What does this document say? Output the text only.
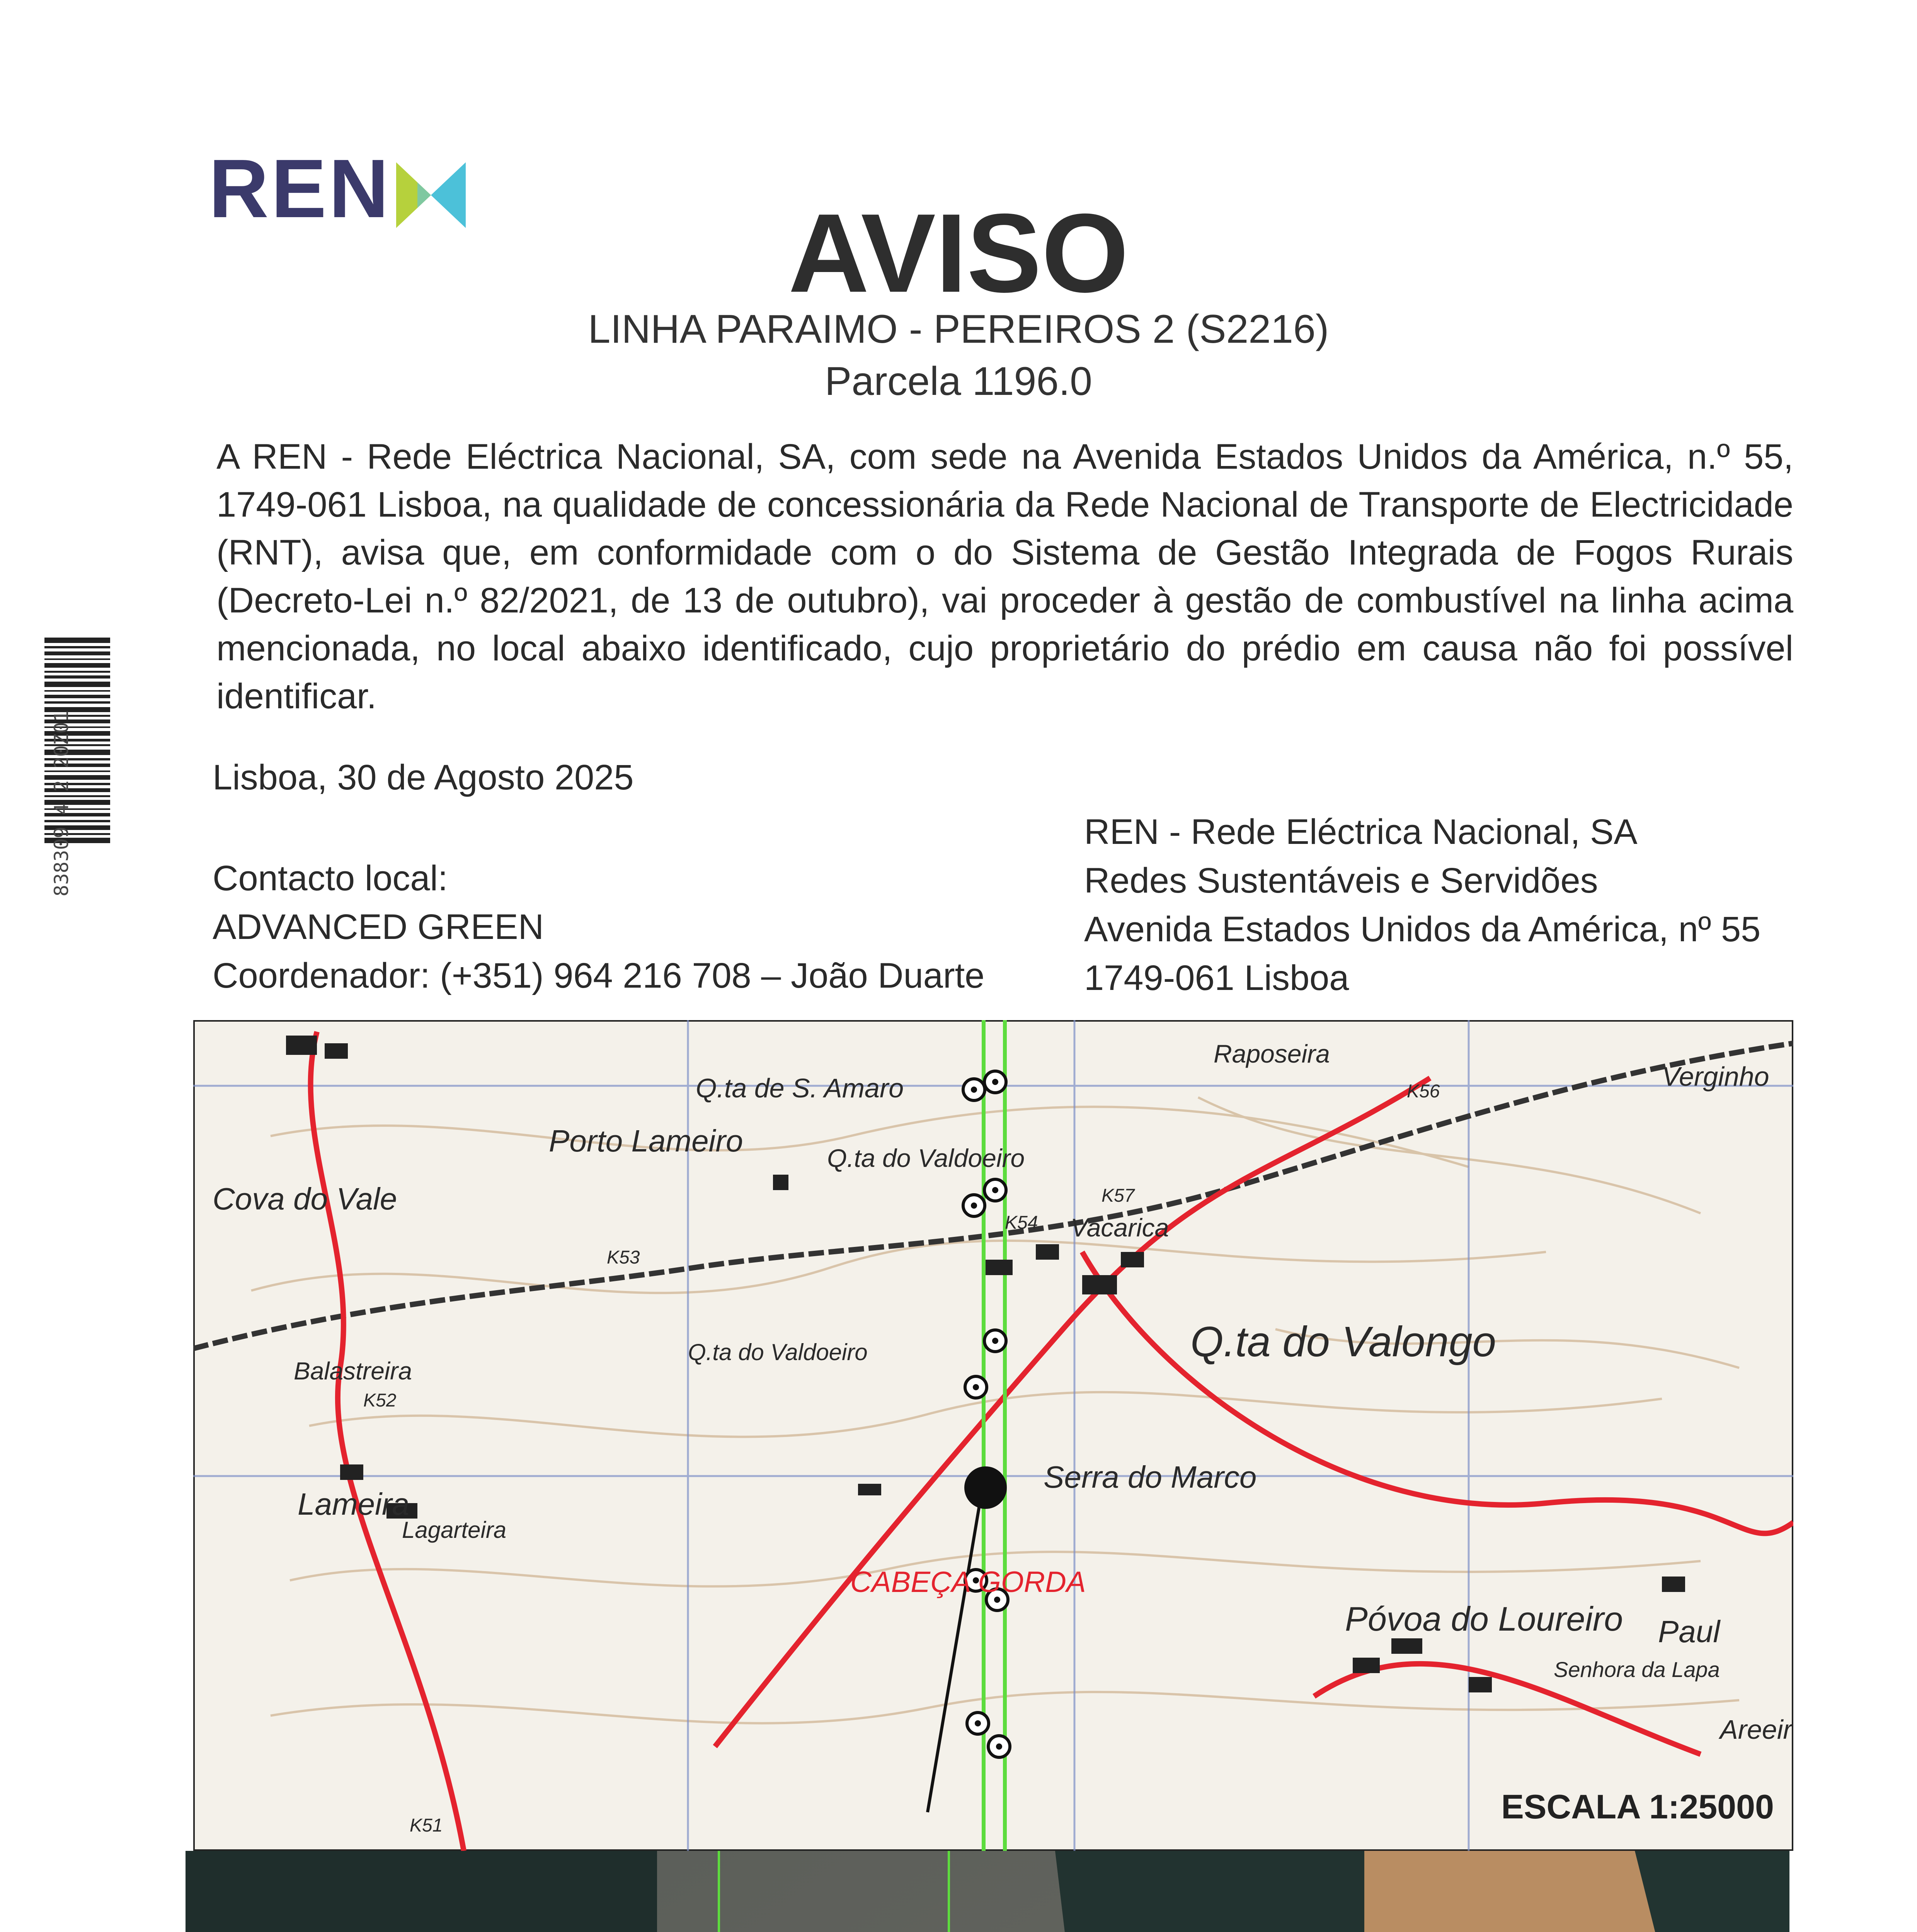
REN
AVISO
LINHA PARAIMO - PEREIROS 2 (S2216)
Parcela 1196.0
A REN - Rede Eléctrica Nacional, SA, com sede na Avenida Estados Unidos da América, n.º 55, 1749-061 Lisboa, na qualidade de concessionária da Rede Nacional de Transporte de Electricidade (RNT), avisa que, em conformidade com o do Sistema de Gestão Integrada de Fogos Rurais (Decreto-Lei n.º 82/2021, de 13 de outubro), vai proceder à gestão de combustível na linha acima mencionada, no local abaixo identificado, cujo proprietário do prédio em causa não foi possível identificar.
Lisboa, 30 de Agosto 2025
Contacto local:
ADVANCED GREEN
Coordenador: (+351) 964 216 708 – João Duarte
REN - Rede Eléctrica Nacional, SA
Redes Sustentáveis e Servidões
Avenida Estados Unidos da América, nº 55
1749-061 Lisboa
838309 4 2 20Z01
Q.ta de S. Amaro
Porto Lameiro	Q.ta do Valdoeiro
Raposeira
Verginho
Cova do Vale
Vacarica
Q.ta do Valongo
Balastreira
Q.ta do Valdoeiro
Serra do Marco
Lameira
Lagarteira
CABEÇA GORDA
Póvoa do Loureiro Paul
Senhora da Lapa
Areeir
K51
K52
K53
K54
K56
K57
ESCALA 1:25000
